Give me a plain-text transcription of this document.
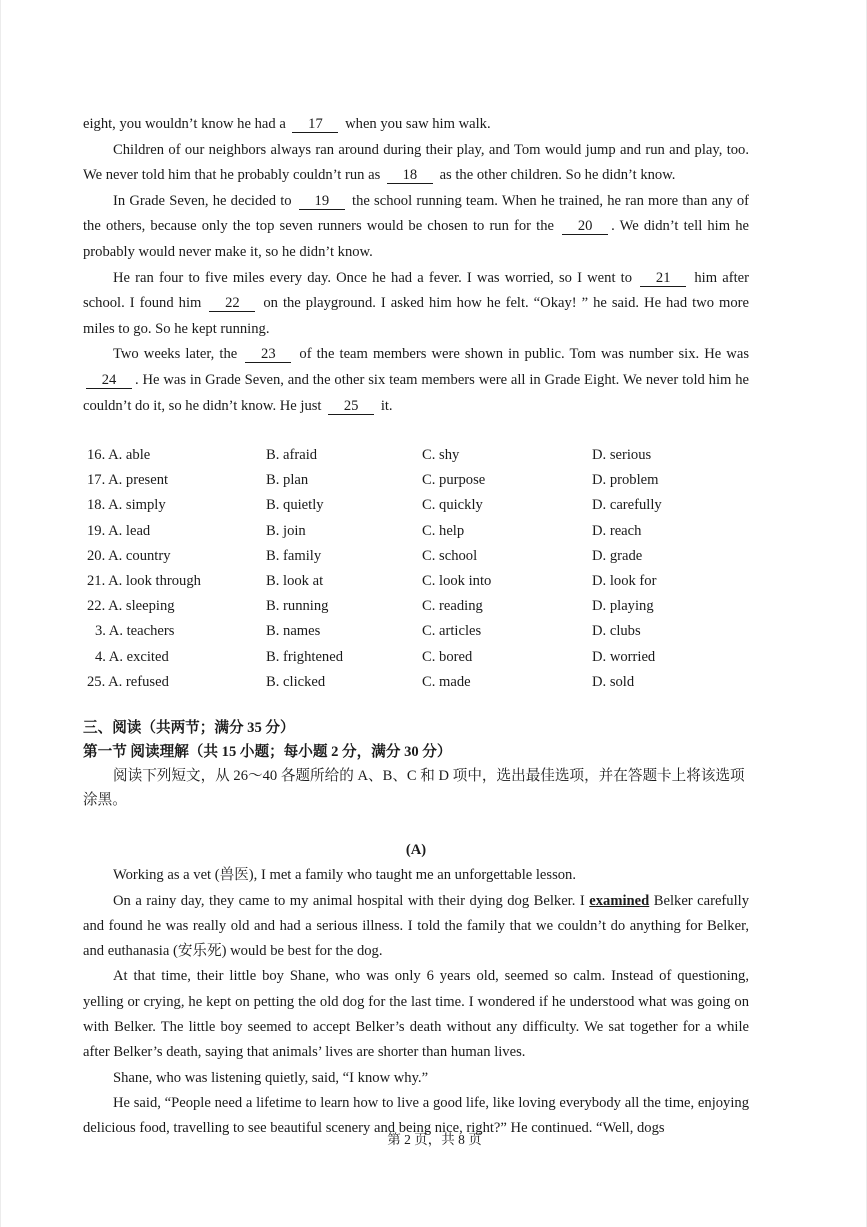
eight, you wouldn’t know he had a 17 when you saw him walk.

Children of our neighbors always ran around during their play, and Tom would jump and run and play, too. We never told him that he probably couldn’t run as 18 as the other children. So he didn’t know.

In Grade Seven, he decided to 19 the school running team. When he trained, he ran more than any of the others, because only the top seven runners would be chosen to run for the 20 . We didn’t tell him he probably would never make it, so he didn’t know.

He ran four to five miles every day. Once he had a fever. I was worried, so I went to 21 him after school. I found him 22 on the playground. I asked him how he felt. “Okay! ” he said. He had two more miles to go. So he kept running.

Two weeks later, the 23 of the team members were shown in public. Tom was number six. He was 24 . He was in Grade Seven, and the other six team members were all in Grade Eight. We never told him he couldn’t do it, so he didn’t know. He just 25 it.

16. A. able	B. afraid	C. shy	D. serious
17. A. present	B. plan	C. purpose	D. problem
18. A. simply	B. quietly	C. quickly	D. carefully
19. A. lead	B. join	C. help	D. reach
20. A. country	B. family	C. school	D. grade
21. A. look through	B. look at	C. look into	D. look for
22. A. sleeping	B. running	C. reading	D. playing
3. A. teachers	B. names	C. articles	D. clubs
4. A. excited	B. frightened	C. bored	D. worried
25. A. refused	B. clicked	C. made	D. sold

三、阅读（共两节；满分 35 分）

第一节 阅读理解（共 15 小题；每小题 2 分，满分 30 分）

阅读下列短文，从 26～40 各题所给的 A、B、C 和 D 项中，选出最佳选项，并在答题卡上将该选项涂黑。

(A)

Working as a vet (兽医), I met a family who taught me an unforgettable lesson.

On a rainy day, they came to my animal hospital with their dying dog Belker. I examined Belker carefully and found he was really old and had a serious illness. I told the family that we couldn’t do anything for Belker, and euthanasia (安乐死) would be best for the dog.

At that time, their little boy Shane, who was only 6 years old, seemed so calm. Instead of questioning, yelling or crying, he kept on petting the old dog for the last time. I wondered if he understood what was going on with Belker. The little boy seemed to accept Belker’s death without any difficulty. We sat together for a while after Belker’s death, saying that animals’ lives are shorter than human lives.

Shane, who was listening quietly, said, “I know why.”

He said, “People need a lifetime to learn how to live a good life, like loving everybody all the time, enjoying delicious food, travelling to see beautiful scenery and being nice, right?” He continued. “Well, dogs

第 2 页，共 8 页
